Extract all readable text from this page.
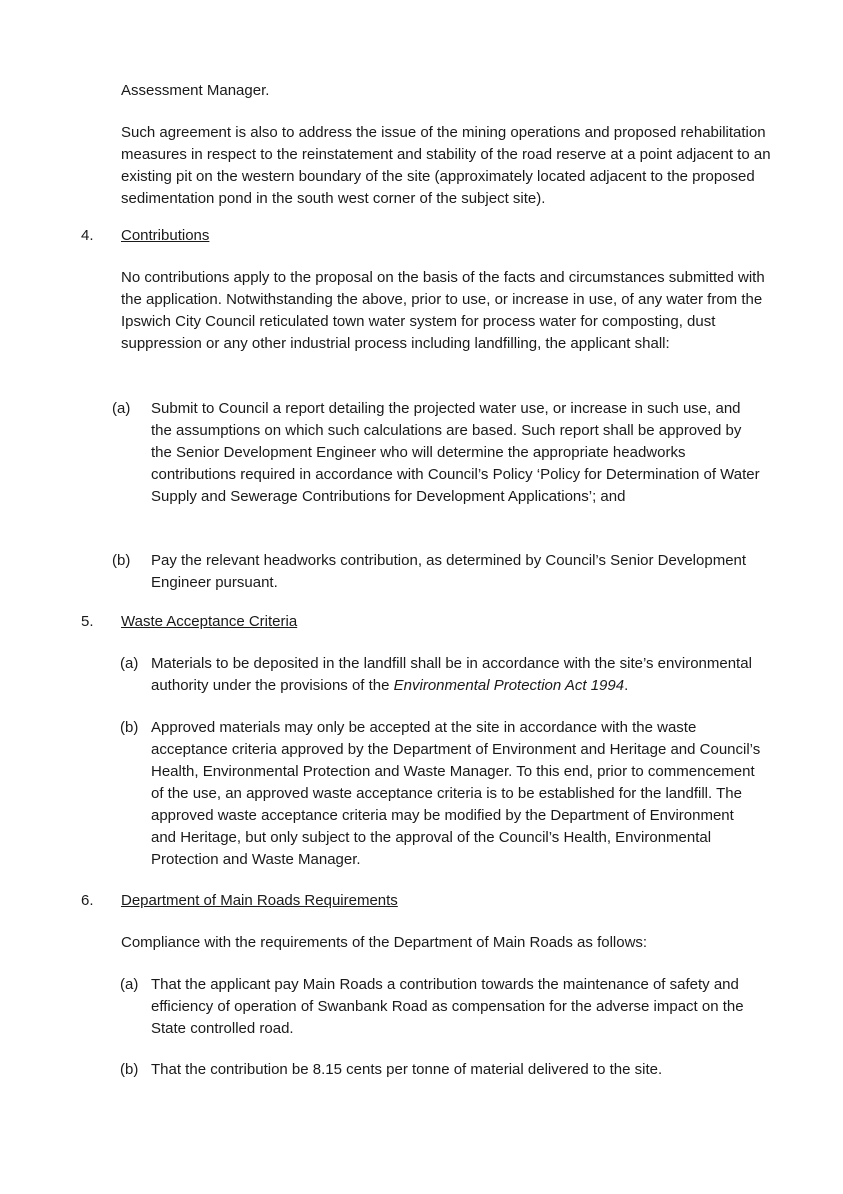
Assessment Manager.

Such agreement is also to address the issue of the mining operations and proposed rehabilitation measures in respect to the reinstatement and stability of the road reserve at a point adjacent to an existing pit on the western boundary of the site (approximately located adjacent to the proposed sedimentation pond in the south west corner of the subject site).

4. Contributions

No contributions apply to the proposal on the basis of the facts and circumstances submitted with the application. Notwithstanding the above, prior to use, or increase in use, of any water from the Ipswich City Council reticulated town water system for process water for composting, dust suppression or any other industrial process including landfilling, the applicant shall:

(a)	Submit to Council a report detailing the projected water use, or increase in such use, and the assumptions on which such calculations are based. Such report shall be approved by the Senior Development Engineer who will determine the appropriate headworks contributions required in accordance with Council’s Policy ‘Policy for Determination of Water Supply and Sewerage Contributions for Development Applications’; and
(b)	Pay the relevant headworks contribution, as determined by Council’s Senior Development Engineer pursuant.
5. Waste Acceptance Criteria
(a) Materials to be deposited in the landfill shall be in accordance with the site’s environmental authority under the provisions of the Environmental Protection Act 1994.
(b) Approved materials may only be accepted at the site in accordance with the waste acceptance criteria approved by the Department of Environment and Heritage and Council’s Health, Environmental Protection and Waste Manager. To this end, prior to commencement of the use, an approved waste acceptance criteria is to be established for the landfill. The approved waste acceptance criteria may be modified by the Department of Environment and Heritage, but only subject to the approval of the Council’s Health, Environmental Protection and Waste Manager.
6. Department of Main Roads Requirements

Compliance with the requirements of the Department of Main Roads as follows:

(a) That the applicant pay Main Roads a contribution towards the maintenance of safety and efficiency of operation of Swanbank Road as compensation for the adverse impact on the State controlled road.
(b) That the contribution be 8.15 cents per tonne of material delivered to the site.
